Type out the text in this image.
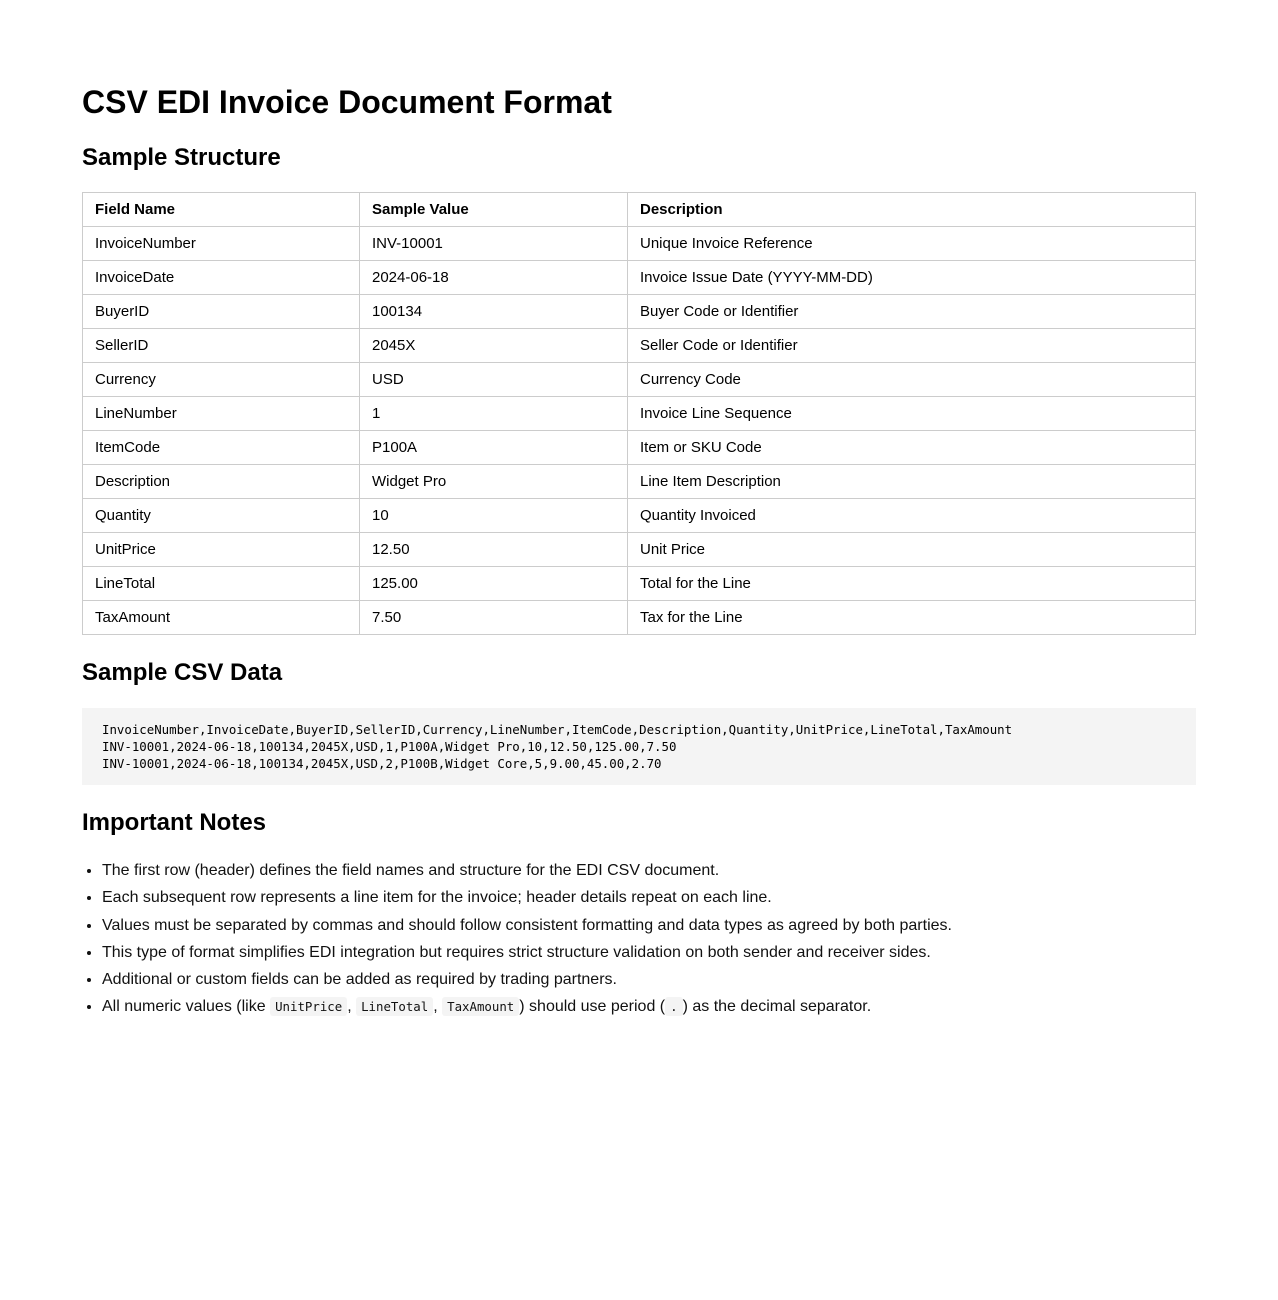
CSV EDI Invoice Document Format
Sample Structure
Field Name	Sample Value	Description
InvoiceNumber	INV-10001	Unique Invoice Reference
InvoiceDate	2024-06-18	Invoice Issue Date (YYYY-MM-DD)
BuyerID	100134	Buyer Code or Identifier
SellerID	2045X	Seller Code or Identifier
Currency	USD	Currency Code
LineNumber	1	Invoice Line Sequence
ItemCode	P100A	Item or SKU Code
Description	Widget Pro	Line Item Description
Quantity	10	Quantity Invoiced
UnitPrice	12.50	Unit Price
LineTotal	125.00	Total for the Line
TaxAmount	7.50	Tax for the Line
Sample CSV Data
InvoiceNumber,InvoiceDate,BuyerID,SellerID,Currency,LineNumber,ItemCode,Description,Quantity,UnitPrice,LineTotal,TaxAmount
INV-10001,2024-06-18,100134,2045X,USD,1,P100A,Widget Pro,10,12.50,125.00,7.50
INV-10001,2024-06-18,100134,2045X,USD,2,P100B,Widget Core,5,9.00,45.00,2.70
Important Notes
• The first row (header) defines the field names and structure for the EDI CSV document.
• Each subsequent row represents a line item for the invoice; header details repeat on each line.
• Values must be separated by commas and should follow consistent formatting and data types as agreed by both parties.
• This type of format simplifies EDI integration but requires strict structure validation on both sender and receiver sides.
• Additional or custom fields can be added as required by trading partners.
• All numeric values (like UnitPrice , LineTotal , TaxAmount ) should use period ( . ) as the decimal separator.
